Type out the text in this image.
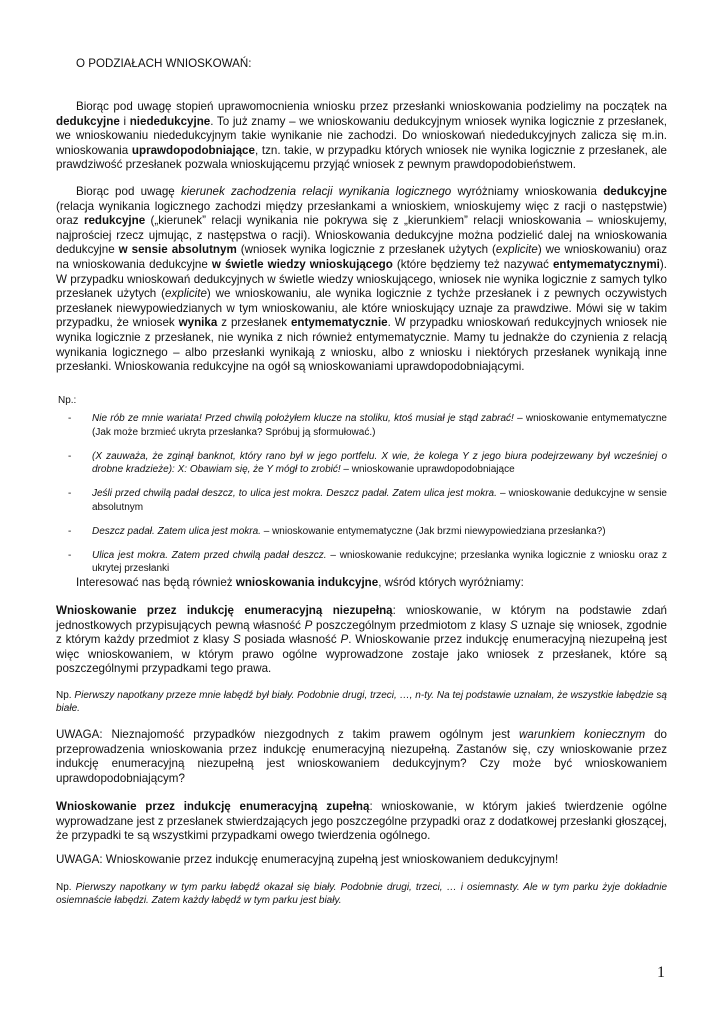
O PODZIAŁACH WNIOSKOWAŃ:

Biorąc pod uwagę stopień uprawomocnienia wniosku przez przesłanki wnioskowania podzielimy na początek na dedukcyjne i niededukcyjne. To już znamy – we wnioskowaniu dedukcyjnym wniosek wynika logicznie z przesłanek, we wnioskowaniu niededukcyjnym takie wynikanie nie zachodzi. Do wnioskowań niededukcyjnych zalicza się m.in. wnioskowania uprawdopodobniające, tzn. takie, w przypadku których wniosek nie wynika logicznie z przesłanek, ale prawdziwość przesłanek pozwala wnioskującemu przyjąć wniosek z pewnym prawdopodobieństwem.

Biorąc pod uwagę kierunek zachodzenia relacji wynikania logicznego wyróżniamy wnioskowania dedukcyjne (relacja wynikania logicznego zachodzi między przesłankami a wnioskiem, wnioskujemy więc z racji o następstwie) oraz redukcyjne („kierunek” relacji wynikania nie pokrywa się z „kierunkiem” relacji wnioskowania – wnioskujemy, najprościej rzecz ujmując, z następstwa o racji). Wnioskowania dedukcyjne można podzielić dalej na wnioskowania dedukcyjne w sensie absolutnym (wniosek wynika logicznie z przesłanek użytych (explicite) we wnioskowaniu) oraz na wnioskowania dedukcyjne w świetle wiedzy wnioskującego (które będziemy też nazywać entymematycznymi). W przypadku wnioskowań dedukcyjnych w świetle wiedzy wnioskującego, wniosek nie wynika logicznie z samych tylko przesłanek użytych (explicite) we wnioskowaniu, ale wynika logicznie z tychże przesłanek i z pewnych oczywistych przesłanek niewypowiedzianych w tym wnioskowaniu, ale które wnioskujący uznaje za prawdziwe. Mówi się w takim przypadku, że wniosek wynika z przesłanek entymematycznie. W przypadku wnioskowań redukcyjnych wniosek nie wynika logicznie z przesłanek, nie wynika z nich również entymematycznie. Mamy tu jednakże do czynienia z relacją wynikania logicznego – albo przesłanki wynikają z wniosku, albo z wniosku i niektórych przesłanek wynikają inne przesłanki. Wnioskowania redukcyjne na ogół są wnioskowaniami uprawdopodobniającymi.

Np.:
- Nie rób ze mnie wariata! Przed chwilą położyłem klucze na stoliku, ktoś musiał je stąd zabrać! – wnioskowanie entymematyczne (Jak może brzmieć ukryta przesłanka? Spróbuj ją sformułować.)
- (X zauważa, że zginął banknot, który ranο był w jego portfelu. X wie, że kolega Y z jego biura podejrzewany był wcześniej o drobne kradzieże): X: Obawiam się, że Y mógł to zrobić! – wnioskowanie uprawdopodobniające
- Jeśli przed chwilą padał deszcz, to ulica jest mokra. Deszcz padał. Zatem ulica jest mokra. – wnioskowanie dedukcyjne w sensie absolutnym
- Deszcz padał. Zatem ulica jest mokra. – wnioskowanie entymematyczne (Jak brzmi niewypowiedziana przesłanka?)
- Ulica jest mokra. Zatem przed chwilą padał deszcz. – wnioskowanie redukcyjne; przesłanka wynika logicznie z wniosku oraz z ukrytej przesłanki
Interesować nas będą również wnioskowania indukcyjne, wśród których wyróżniamy:

Wnioskowanie przez indukcję enumeracyjną niezupełną: wnioskowanie, w którym na podstawie zdań jednostkowych przypisujących pewną własność P poszczególnym przedmiotom z klasy S uznaje się wniosek, zgodnie z którym każdy przedmiot z klasy S posiada własność P. Wnioskowanie przez indukcję enumeracyjną niezupełną jest więc wnioskowaniem, w którym prawo ogólne wyprowadzone zostaje jako wniosek z przesłanek, które są poszczególnymi przypadkami tego prawa.

Np. Pierwszy napotkany przeze mnie łabędź był biały. Podobnie drugi, trzeci, …, n-ty. Na tej podstawie uznałam, że wszystkie łabędzie są białe.

UWAGA: Nieznajomość przypadków niezgodnych z takim prawem ogólnym jest warunkiem koniecznym do przeprowadzenia wnioskowania przez indukcję enumeracyjną niezupełną. Zastanów się, czy wnioskowanie przez indukcję enumeracyjną niezupełną jest wnioskowaniem dedukcyjnym? Czy może być wnioskowaniem uprawdopodobniającym?

Wnioskowanie przez indukcję enumeracyjną zupełną: wnioskowanie, w którym jakieś twierdzenie ogólne wyprowadzane jest z przesłanek stwierdzających jego poszczególne przypadki oraz z dodatkowej przesłanki głoszącej, że przypadki te są wszystkimi przypadkami owego twierdzenia ogólnego.

UWAGA: Wnioskowanie przez indukcję enumeracyjną zupełną jest wnioskowaniem dedukcyjnym!

Np. Pierwszy napotkany w tym parku łabędź okazał się biały. Podobnie drugi, trzeci, … i osiemnasty. Ale w tym parku żyje dokładnie osiemnaście łabędzi. Zatem każdy łabędź w tym parku jest biały.

1
